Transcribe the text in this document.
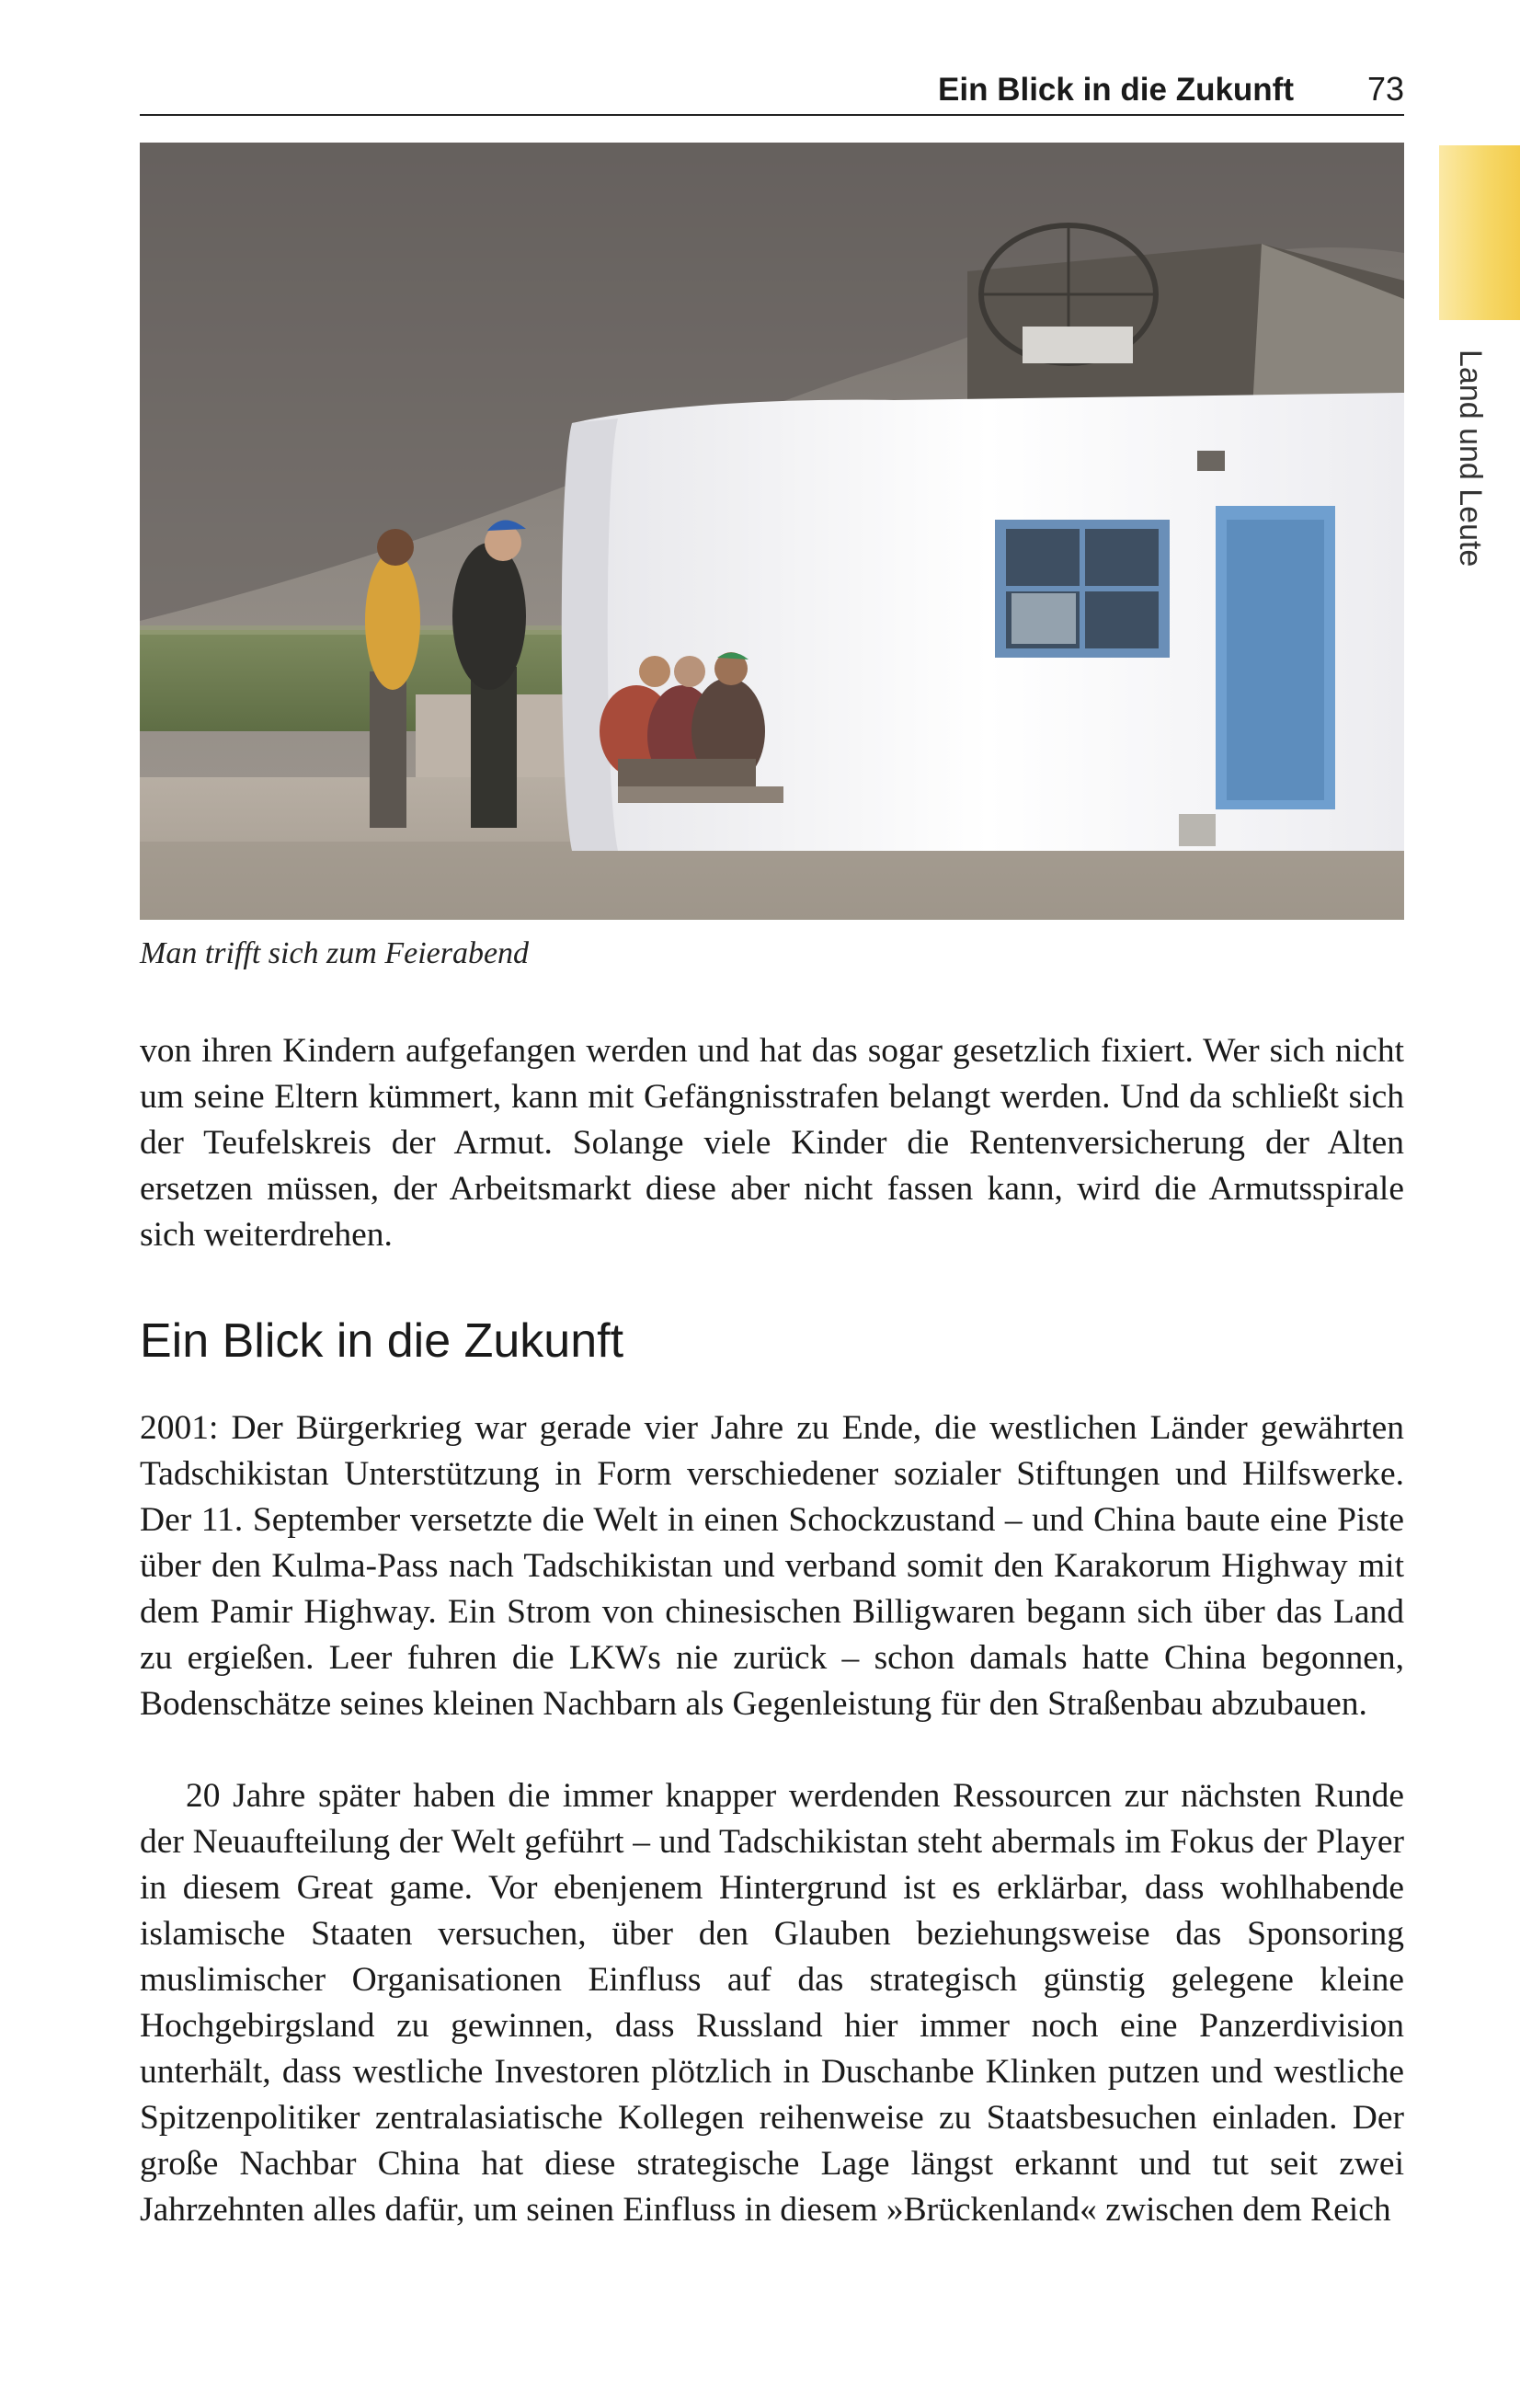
Ein Blick in die Zukunft 73
Land und Leute
Man trifft sich zum Feierabend

von ihren Kindern aufgefangen werden und hat das sogar gesetzlich fixiert. Wer sich nicht um seine Eltern kümmert, kann mit Gefängnisstrafen belangt werden. Und da schließt sich der Teufelskreis der Armut. Solange viele Kinder die Rentenversicherung der Alten ersetzen müssen, der Arbeitsmarkt diese aber nicht fassen kann, wird die Armutsspirale sich weiterdrehen.

Ein Blick in die Zukunft

2001: Der Bürgerkrieg war gerade vier Jahre zu Ende, die westlichen Länder gewährten Tadschikistan Unterstützung in Form verschiedener sozialer Stiftungen und Hilfswerke. Der 11. September versetzte die Welt in einen Schockzustand – und China baute eine Piste über den Kulma-Pass nach Tadschikistan und verband somit den Karakorum Highway mit dem Pamir Highway. Ein Strom von chinesischen Billigwaren begann sich über das Land zu ergießen. Leer fuhren die LKWs nie zurück – schon damals hatte China begonnen, Bodenschätze seines kleinen Nachbarn als Gegenleistung für den Straßenbau abzubauen.

20 Jahre später haben die immer knapper werdenden Ressourcen zur nächsten Runde der Neuaufteilung der Welt geführt – und Tadschikistan steht abermals im Fokus der Player in diesem Great game. Vor ebenjenem Hintergrund ist es erklärbar, dass wohlhabende islamische Staaten versuchen, über den Glauben beziehungsweise das Sponsoring muslimischer Organisationen Einfluss auf das strategisch günstig gelegene kleine Hochgebirgsland zu gewinnen, dass Russland hier immer noch eine Panzerdivision unterhält, dass westliche Investoren plötzlich in Duschanbe Klinken putzen und westliche Spitzenpolitiker zentralasiatische Kollegen reihenweise zu Staatsbesuchen einladen. Der große Nachbar China hat diese strategische Lage längst erkannt und tut seit zwei Jahrzehnten alles dafür, um seinen Einfluss in diesem »Brückenland« zwischen dem Reich
